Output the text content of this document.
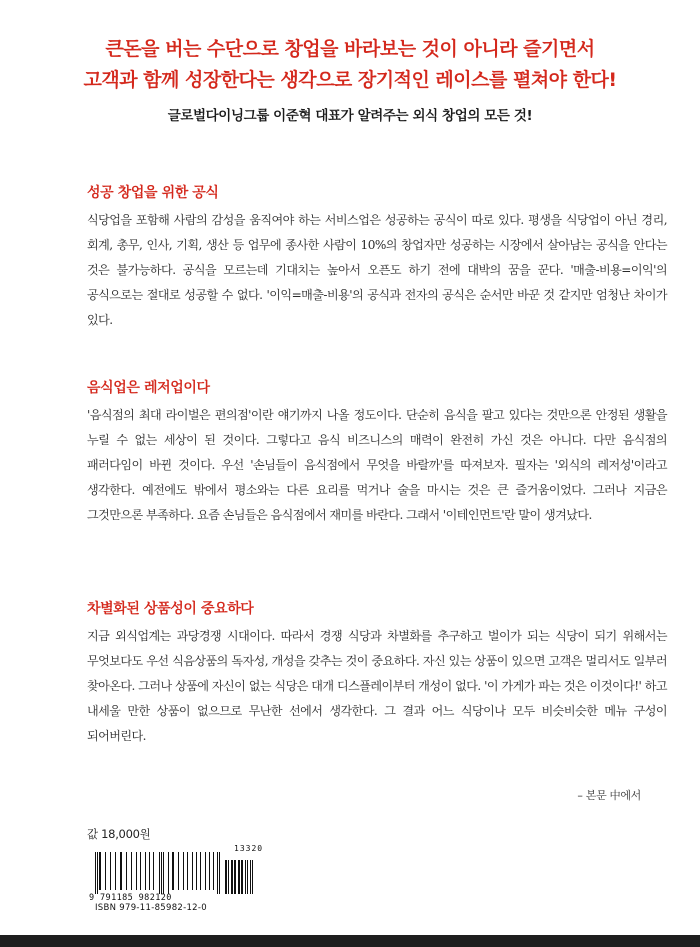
큰돈을 버는 수단으로 창업을 바라보는 것이 아니라 즐기면서
고객과 함께 성장한다는 생각으로 장기적인 레이스를 펼쳐야 한다!
글로벌다이닝그룹 이준혁 대표가 알려주는 외식 창업의 모든 것!
성공 창업을 위한 공식

식당업을 포함해 사람의 감성을 움직여야 하는 서비스업은 성공하는 공식이 따로 있다. 평생을 식당업이 아닌 경리, 회계, 총무, 인사, 기획, 생산 등 업무에 종사한 사람이 10%의 창업자만 성공하는 시장에서 살아남는 공식을 안다는 것은 불가능하다. 공식을 모르는데 기대치는 높아서 오픈도 하기 전에 대박의 꿈을 꾼다. '매출-비용=이익'의 공식으로는 절대로 성공할 수 없다. '이익=매출-비용'의 공식과 전자의 공식은 순서만 바꾼 것 같지만 엄청난 차이가 있다.

음식업은 레저업이다

'음식점의 최대 라이벌은 편의점'이란 얘기까지 나올 정도이다. 단순히 음식을 팔고 있다는 것만으론 안정된 생활을 누릴 수 없는 세상이 된 것이다. 그렇다고 음식 비즈니스의 매력이 완전히 가신 것은 아니다. 다만 음식점의 패러다임이 바뀐 것이다. 우선 '손님들이 음식점에서 무엇을 바랄까'를 따져보자. 필자는 '외식의 레저성'이라고 생각한다. 예전에도 밖에서 평소와는 다른 요리를 먹거나 술을 마시는 것은 큰 즐거움이었다. 그러나 지금은 그것만으론 부족하다. 요즘 손님들은 음식점에서 재미를 바란다. 그래서 '이테인먼트'란 말이 생겨났다.

차별화된 상품성이 중요하다

지금 외식업계는 과당경쟁 시대이다. 따라서 경쟁 식당과 차별화를 추구하고 벌이가 되는 식당이 되기 위해서는 무엇보다도 우선 식음상품의 독자성, 개성을 갖추는 것이 중요하다. 자신 있는 상품이 있으면 고객은 멀리서도 일부러 찾아온다. 그러나 상품에 자신이 없는 식당은 대개 디스플레이부터 개성이 없다. '이 가게가 파는 것은 이것이다!' 하고 내세울 만한 상품이 없으므로 무난한 선에서 생각한다. 그 결과 어느 식당이나 모두 비슷비슷한 메뉴 구성이 되어버린다.

– 본문 中에서
값 18,000원
13320
9 791185 982120
ISBN 979-11-85982-12-0
